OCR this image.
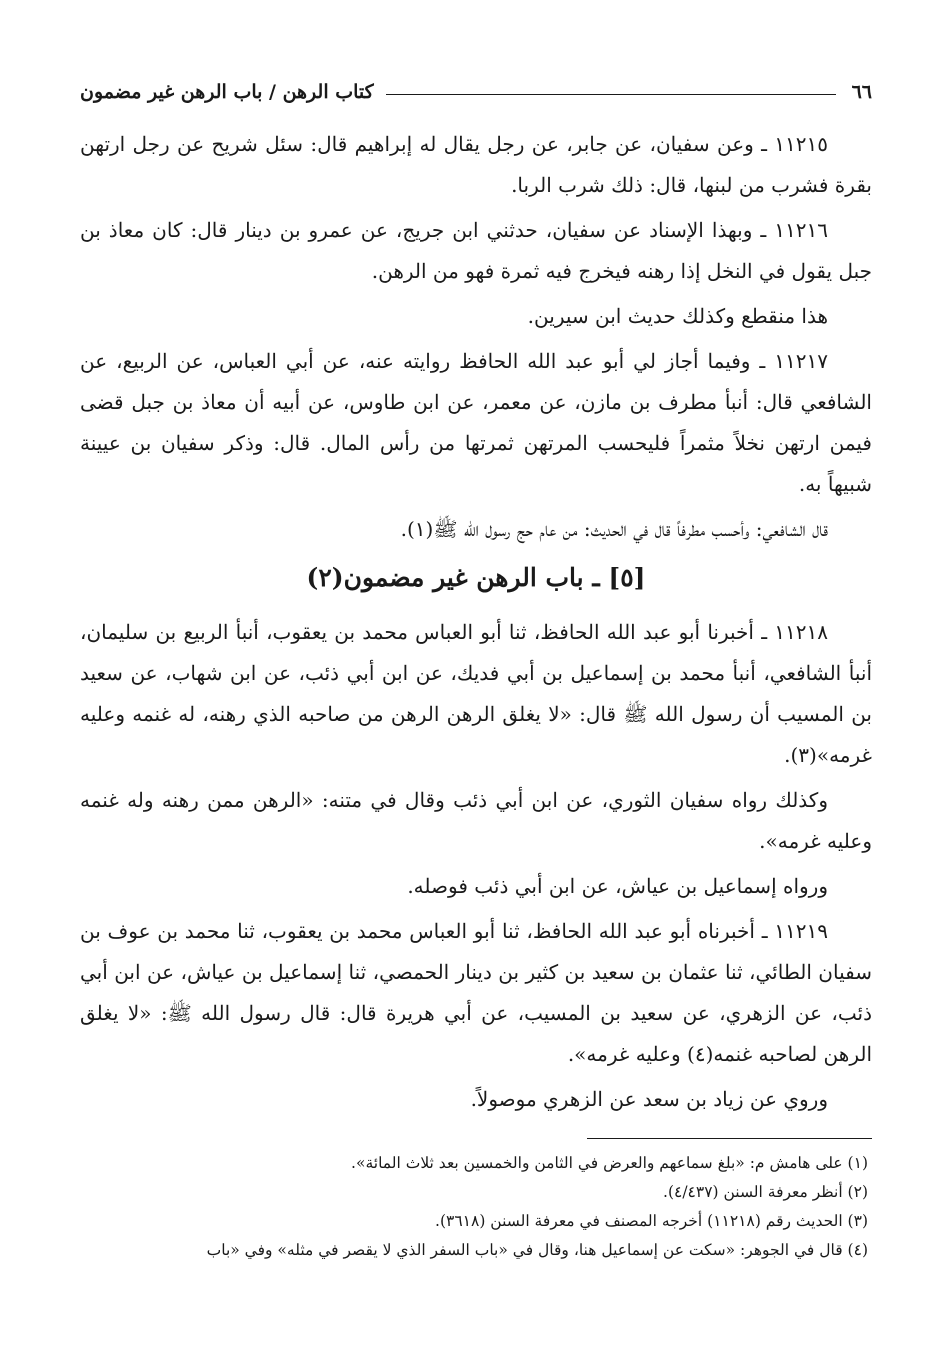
٦٦
كتاب الرهن / باب الرهن غير مضمون

١١٢١٥ ـ وعن سفيان، عن جابر، عن رجل يقال له إبراهيم قال: سئل شريح عن رجل ارتهن بقرة فشرب من لبنها، قال: ذلك شرب الربا.

١١٢١٦ ـ وبهذا الإسناد عن سفيان، حدثني ابن جريج، عن عمرو بن دينار قال: كان معاذ بن جبل يقول في النخل إذا رهنه فيخرج فيه ثمرة فهو من الرهن.

هذا منقطع وكذلك حديث ابن سيرين.

١١٢١٧ ـ وفيما أجاز لي أبو عبد الله الحافظ روايته عنه، عن أبي العباس، عن الربيع، عن الشافعي قال: أنبأ مطرف بن مازن، عن معمر، عن ابن طاوس، عن أبيه أن معاذ بن جبل قضى فيمن ارتهن نخلاً مثمراً فليحسب المرتهن ثمرتها من رأس المال. قال: وذكر سفيان بن عيينة شبيهاً به.

قال الشافعي: وأحسب مطرفاً قال في الحديث: من عام حج رسول الله ﷺ(١).

[٥] ـ باب الرهن غير مضمون(٢)

١١٢١٨ ـ أخبرنا أبو عبد الله الحافظ، ثنا أبو العباس محمد بن يعقوب، أنبأ الربيع بن سليمان، أنبأ الشافعي، أنبأ محمد بن إسماعيل بن أبي فديك، عن ابن أبي ذئب، عن ابن شهاب، عن سعيد بن المسيب أن رسول الله ﷺ قال: «لا يغلق الرهن الرهن من صاحبه الذي رهنه، له غنمه وعليه غرمه»(٣).

وكذلك رواه سفيان الثوري، عن ابن أبي ذئب وقال في متنه: «الرهن ممن رهنه وله غنمه وعليه غرمه».

ورواه إسماعيل بن عياش، عن ابن أبي ذئب فوصله.

١١٢١٩ ـ أخبرناه أبو عبد الله الحافظ، ثنا أبو العباس محمد بن يعقوب، ثنا محمد بن عوف بن سفيان الطائي، ثنا عثمان بن سعيد بن كثير بن دينار الحمصي، ثنا إسماعيل بن عياش، عن ابن أبي ذئب، عن الزهري، عن سعيد بن المسيب، عن أبي هريرة قال: قال رسول الله ﷺ: «لا يغلق الرهن لصاحبه غنمه(٤) وعليه غرمه».

وروي عن زياد بن سعد عن الزهري موصولاً.

(١) على هامش م: «بلغ سماعهم والعرض في الثامن والخمسين بعد ثلاث المائة».

(٢) أنظر معرفة السنن (٤/٤٣٧).

(٣) الحديث رقم (١١٢١٨) أخرجه المصنف في معرفة السنن (٣٦١٨).

(٤) قال في الجوهر: «سكت عن إسماعيل هنا، وقال في «باب السفر الذي لا يقصر في مثله» وفي «باب
